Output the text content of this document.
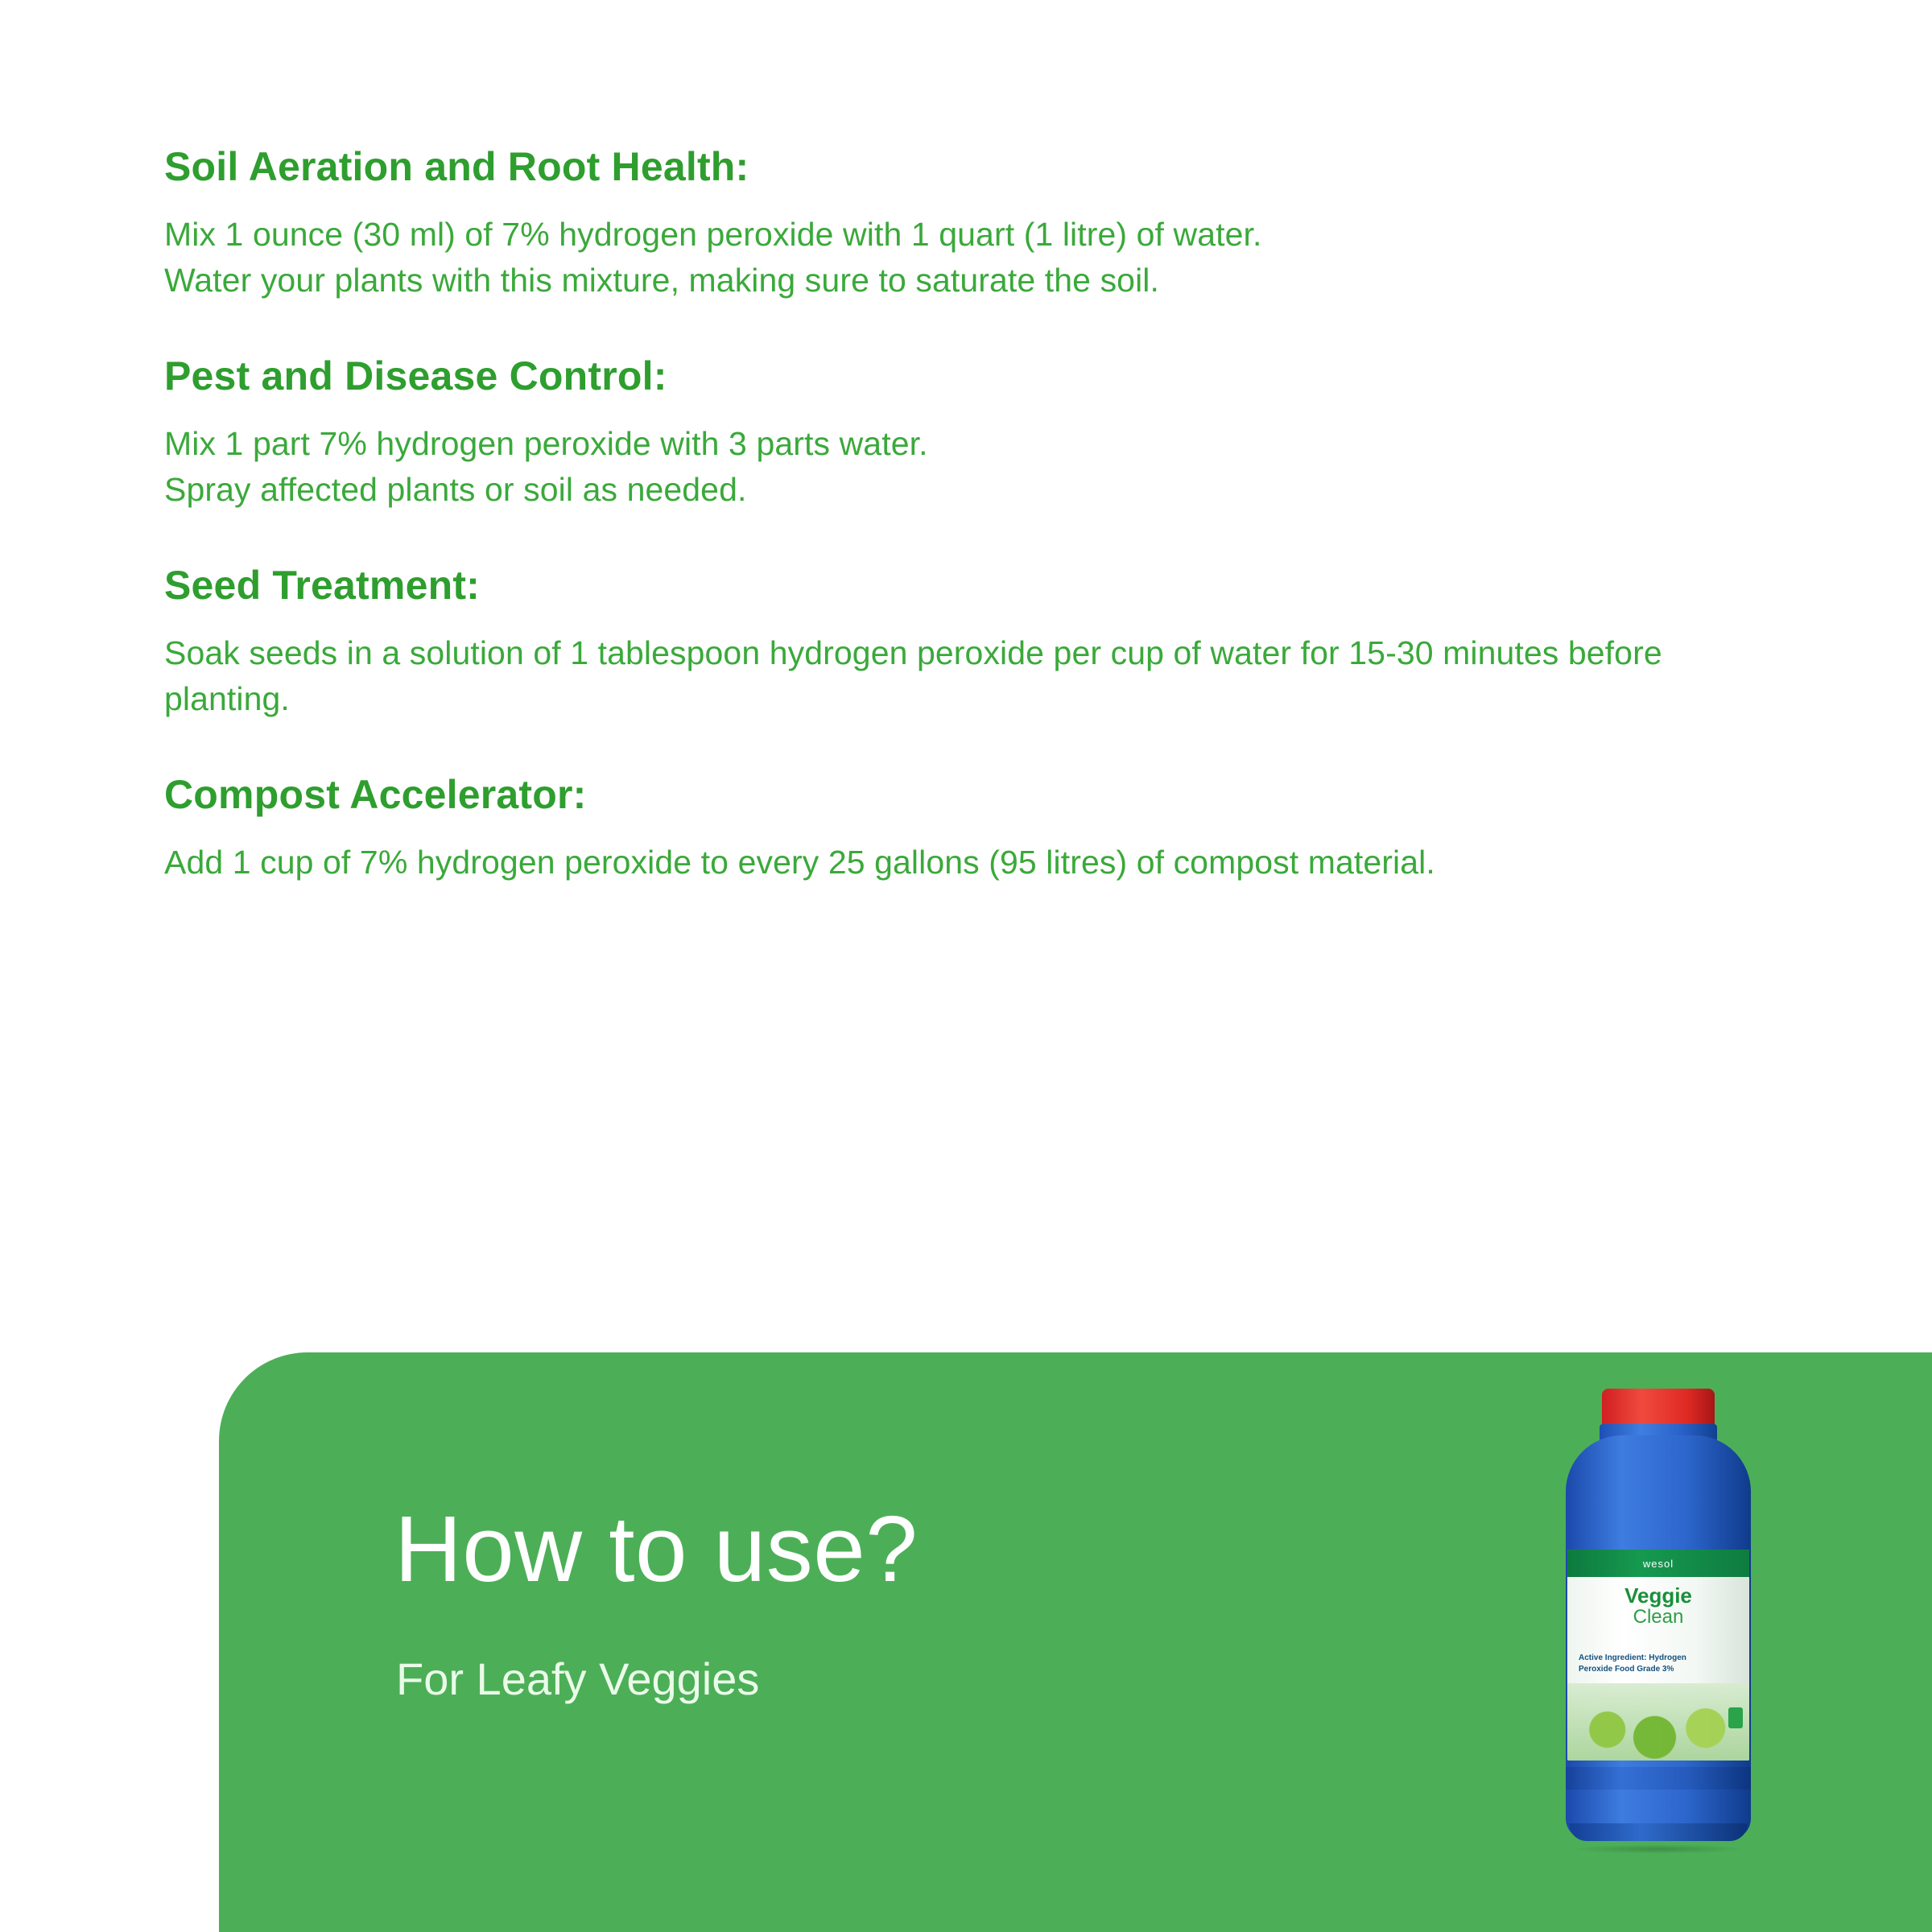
Soil Aeration and Root Health:

Mix 1 ounce (30 ml) of 7% hydrogen peroxide with 1 quart (1 litre) of water.

Water your plants with this mixture, making sure to saturate the soil.

Pest and Disease Control:

Mix 1 part 7% hydrogen peroxide with 3 parts water.

Spray affected plants or soil as needed.

Seed Treatment:

Soak seeds in a solution of 1 tablespoon hydrogen peroxide per cup of water for 15-30 minutes before planting.

Compost Accelerator:

Add 1 cup of 7% hydrogen peroxide to every 25 gallons (95 litres) of compost material.

How to use?

For Leafy Veggies

wesol
Veggie
Clean
Active Ingredient: Hydrogen Peroxide Food Grade 3%
